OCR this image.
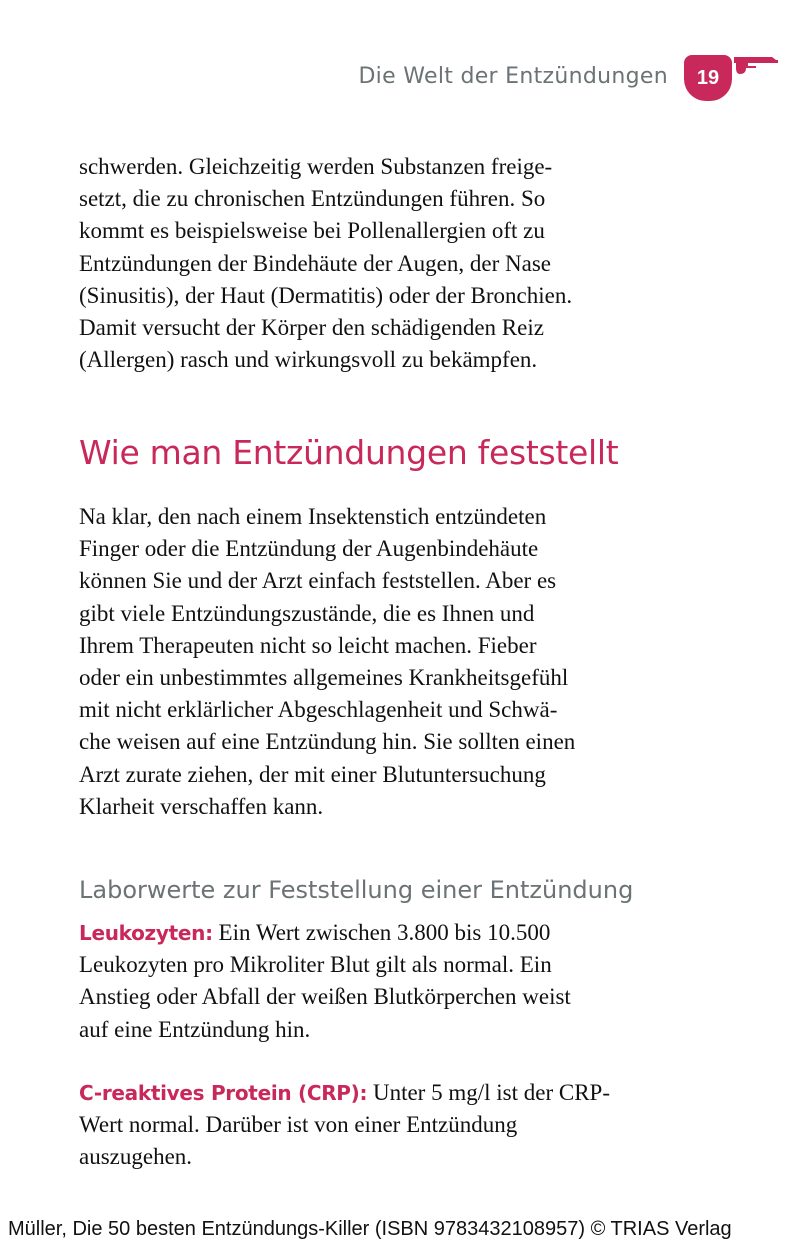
Die Welt der Entzündungen	19
schwerden. Gleichzeitig werden Substanzen freige-
setzt, die zu chronischen Entzündungen führen. So
kommt es beispielsweise bei Pollenallergien oft zu
Entzündungen der Bindehäute der Augen, der Nase
(Sinusitis), der Haut (Dermatitis) oder der Bronchien.
Damit versucht der Körper den schädigenden Reiz
(Allergen) rasch und wirkungsvoll zu bekämpfen.
Wie man Entzündungen feststellt
Na klar, den nach einem Insektenstich entzündeten
Finger oder die Entzündung der Augenbindehäute
können Sie und der Arzt einfach feststellen. Aber es
gibt viele Entzündungszustände, die es Ihnen und
Ihrem Therapeuten nicht so leicht machen. Fieber
oder ein unbestimmtes allgemeines Krankheitsgefühl
mit nicht erklärlicher Abgeschlagenheit und Schwä-
che weisen auf eine Entzündung hin. Sie sollten einen
Arzt zurate ziehen, der mit einer Blutuntersuchung
Klarheit verschaffen kann.
Laborwerte zur Feststellung einer Entzündung
Leukozyten: Ein Wert zwischen 3.800 bis 10.500
Leukozyten pro Mikroliter Blut gilt als normal. Ein
Anstieg oder Abfall der weißen Blutkörperchen weist
auf eine Entzündung hin.
C-reaktives Protein (CRP): Unter 5 mg/l ist der CRP-
Wert normal. Darüber ist von einer Entzündung
auszugehen.
Müller, Die 50 besten Entzündungs-Killer (ISBN 9783432108957) © TRIAS Verlag
